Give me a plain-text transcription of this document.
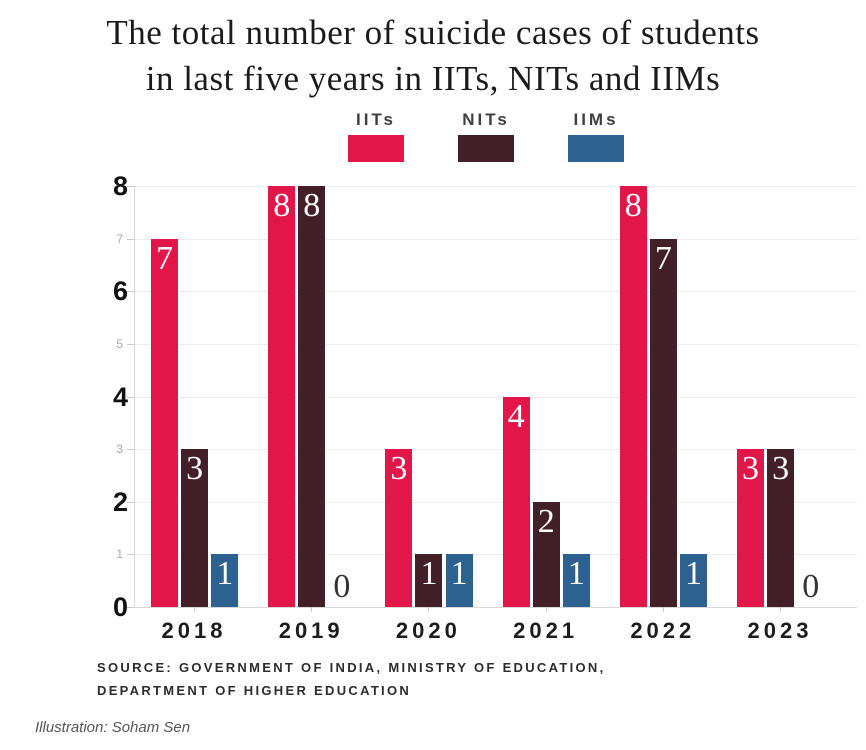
The total number of suicide cases of students
in last five years in IITs, NITs and IIMs
IITs	NITs	IIMs
7
3
1
8 8
0
3
1 1
4
2
1
8
7
1
3 3
0
0
1
2
3
4
5
6
7
8
2018	2019	2020	2021	2022	2023
SOURCE: GOVERNMENT OF INDIA, MINISTRY OF EDUCATION,
DEPARTMENT OF HIGHER EDUCATION
Illustration: Soham Sen
